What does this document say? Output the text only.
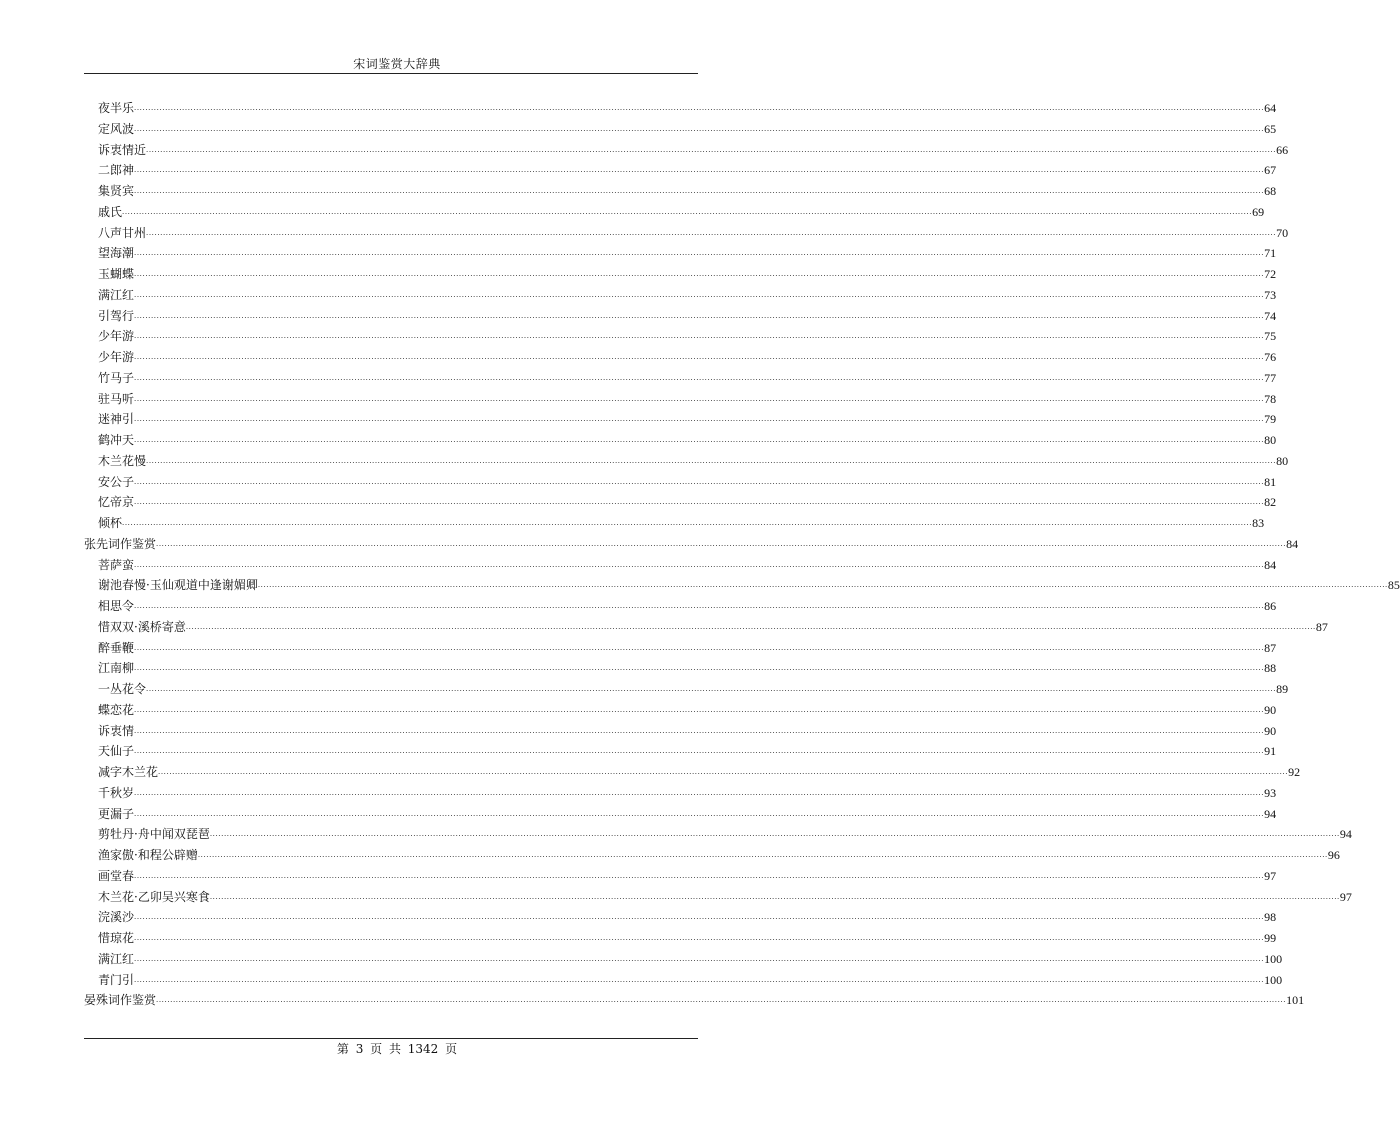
宋词鉴赏大辞典
夜半乐 ................................................................................................................................................................................................................................................................................................................................................................................................................ 64
定风波 ................................................................................................................................................................................................................................................................................................................................................................................................................ 65
诉衷情近 ................................................................................................................................................................................................................................................................................................................................................................................................................ 66
二郎神 ................................................................................................................................................................................................................................................................................................................................................................................................................ 67
集贤宾 ................................................................................................................................................................................................................................................................................................................................................................................................................ 68
戚氏 ................................................................................................................................................................................................................................................................................................................................................................................................................ 69
八声甘州 ................................................................................................................................................................................................................................................................................................................................................................................................................ 70
望海潮 ................................................................................................................................................................................................................................................................................................................................................................................................................ 71
玉蝴蝶 ................................................................................................................................................................................................................................................................................................................................................................................................................ 72
满江红 ................................................................................................................................................................................................................................................................................................................................................................................................................ 73
引驾行 ................................................................................................................................................................................................................................................................................................................................................................................................................ 74
少年游 ................................................................................................................................................................................................................................................................................................................................................................................................................ 75
少年游 ................................................................................................................................................................................................................................................................................................................................................................................................................ 76
竹马子 ................................................................................................................................................................................................................................................................................................................................................................................................................ 77
驻马听 ................................................................................................................................................................................................................................................................................................................................................................................................................ 78
迷神引 ................................................................................................................................................................................................................................................................................................................................................................................................................ 79
鹤冲天 ................................................................................................................................................................................................................................................................................................................................................................................................................ 80
木兰花慢 ................................................................................................................................................................................................................................................................................................................................................................................................................ 80
安公子 ................................................................................................................................................................................................................................................................................................................................................................................................................ 81
忆帝京 ................................................................................................................................................................................................................................................................................................................................................................................................................ 82
倾杯 ................................................................................................................................................................................................................................................................................................................................................................................................................ 83
张先词作鉴赏 ................................................................................................................................................................................................................................................................................................................................................................................................................ 84
菩萨蛮 ................................................................................................................................................................................................................................................................................................................................................................................................................ 84
谢池春慢·玉仙观道中逢谢媚卿 ................................................................................................................................................................................................................................................................................................................................................................................................................ 85
相思令 ................................................................................................................................................................................................................................................................................................................................................................................................................ 86
惜双双·溪桥寄意 ................................................................................................................................................................................................................................................................................................................................................................................................................ 87
醉垂鞭 ................................................................................................................................................................................................................................................................................................................................................................................................................ 87
江南柳 ................................................................................................................................................................................................................................................................................................................................................................................................................ 88
一丛花令 ................................................................................................................................................................................................................................................................................................................................................................................................................ 89
蝶恋花 ................................................................................................................................................................................................................................................................................................................................................................................................................ 90
诉衷情 ................................................................................................................................................................................................................................................................................................................................................................................................................ 90
天仙子 ................................................................................................................................................................................................................................................................................................................................................................................................................ 91
减字木兰花 ................................................................................................................................................................................................................................................................................................................................................................................................................ 92
千秋岁 ................................................................................................................................................................................................................................................................................................................................................................................................................ 93
更漏子 ................................................................................................................................................................................................................................................................................................................................................................................................................ 94
剪牡丹·舟中闻双琵琶 ................................................................................................................................................................................................................................................................................................................................................................................................................ 94
渔家傲·和程公辟赠 ................................................................................................................................................................................................................................................................................................................................................................................................................ 96
画堂春 ................................................................................................................................................................................................................................................................................................................................................................................................................ 97
木兰花·乙卯吴兴寒食 ................................................................................................................................................................................................................................................................................................................................................................................................................ 97
浣溪沙 ................................................................................................................................................................................................................................................................................................................................................................................................................ 98
惜琼花 ................................................................................................................................................................................................................................................................................................................................................................................................................ 99
满江红 ................................................................................................................................................................................................................................................................................................................................................................................................................ 100
青门引 ................................................................................................................................................................................................................................................................................................................................................................................................................ 100
晏殊词作鉴赏 ................................................................................................................................................................................................................................................................................................................................................................................................................ 101
第 3 页 共 1342 页
